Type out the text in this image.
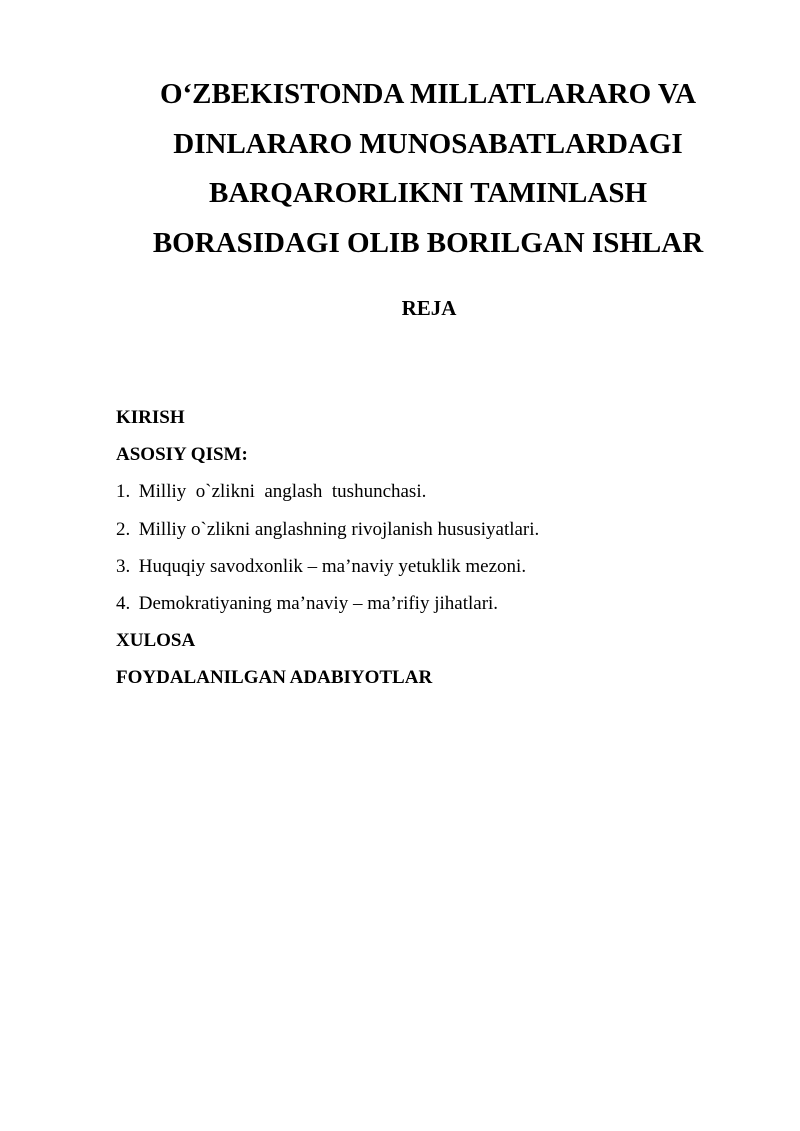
O‘ZBEKISTONDA MILLATLARARO VA
DINLARARO MUNOSABATLARDAGI
BARQARORLIKNI TAMINLASH
BORASIDAGI OLIB BORILGAN ISHLAR
REJA
KIRISH
ASOSIY QISM:
1. Milliy  o`zlikni  anglash  tushunchasi.
2. Milliy o`zlikni anglashning rivojlanish hususiyatlari.
3. Huquqiy savodxonlik – ma’naviy yetuklik mezoni.
4. Demokratiyaning ma’naviy – ma’rifiy jihatlari.
XULOSA
FOYDALANILGAN ADABIYOTLAR
